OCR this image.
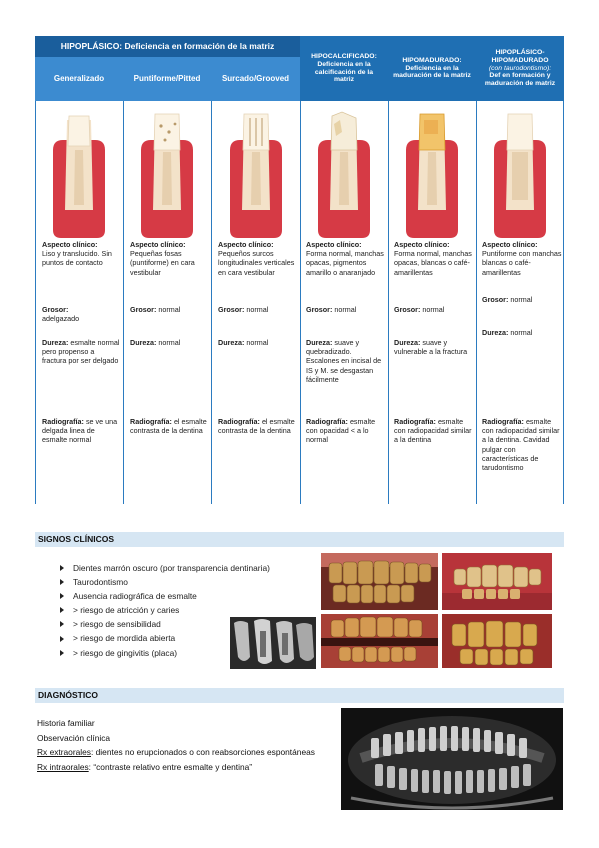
HIPOPLÁSICO: Deficiencia en formación de la matriz
Generalizado	Puntiforme/Pitted	Surcado/Grooved
HIPOCALCIFICADO: Deficiencia en la calcificación de la matriz
HIPOMADURADO: Deficiencia en la maduración de la matriz
HIPOPLÁSICO-HIPOMADURADO
(con taurodontismo):
Def en formación y maduración de matriz
Aspecto clínico:
Liso y translucido. Sin puntos de contacto
Grosor:
adelgazado
Dureza: esmalte normal pero propenso a fractura por ser delgado
Radiografía: se ve una delgada linea de esmalte normal
Aspecto clínico:
Pequeñas fosas (puntiforme) en cara vestibular
Grosor: normal
Dureza: normal
Radiografía: el esmalte contrasta de la dentina
Aspecto clínico:
Pequeños surcos longitudinales verticales en cara vestibular
Grosor: normal
Dureza: normal
Radiografía: el esmalte contrasta de la dentina
Aspecto clínico:
Forma normal, manchas opacas, pigmentos amarillo o anaranjado
Grosor: normal
Dureza: suave y quebradizado. Escalones en incisal de IS y M. se desgastan fácilmente
Radiografía: esmalte con opacidad < a lo normal
Aspecto clínico:
Forma normal, manchas opacas, blancas o café-amarillentas
Grosor: normal
Dureza: suave y vulnerable a la fractura
Radiografía: esmalte con radiopacidad similar a la dentina
Aspecto clínico:
Puntiforme con manchas blancas o café-amarillentas
Grosor: normal
Dureza: normal
Radiografía: esmalte con radiopacidad similar a la dentina. Cavidad pulgar con características de tarudontismo
SIGNOS CLÍNICOS
Dientes marrón oscuro (por transparencia dentinaria)
Taurodontismo
Ausencia radiográfica de esmalte
> riesgo de atricción y caries
> riesgo de sensibilidad
> riesgo de mordida abierta
> riesgo de gingivitis (placa)
DIAGNÓSTICO
Historia familiar
Observación clínica
Rx extraorales: dientes no erupcionados o con reabsorciones espontáneas
Rx intraorales: “contraste relativo entre esmalte y dentina”
